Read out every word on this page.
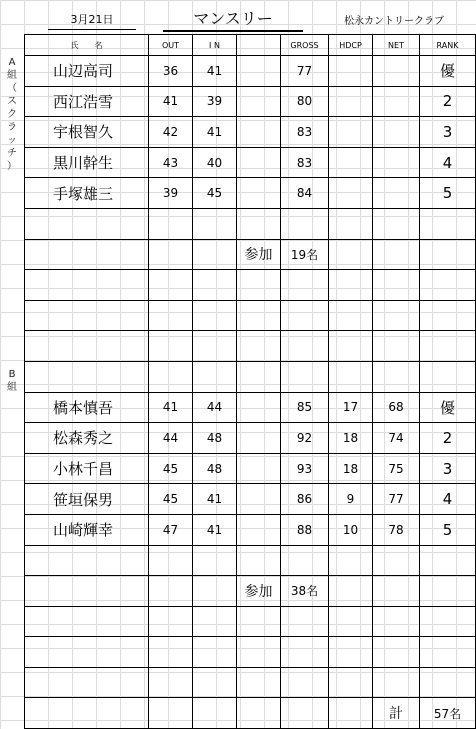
3月21日	マンスリー	松永カントリークラブ
A
組
（
ス
ク
ラ
ッ
チ
）
B
組
氏　　名	OUT	I N		GROSS	HDCP	NET	RANK
山辺高司	36	41		77			優
西江浩雪	41	39		80			2
宇根智久	42	41		83			3
黒川幹生	43	40		83			4
手塚雄三	39	45		84			5

			参加	19名			

橋本慎吾	41	44		85	17	68	優
松森秀之	44	48		92	18	74	2
小林千昌	45	48		93	18	75	3
笹垣保男	45	41		86	9	77	4
山崎輝幸	47	41		88	10	78	5

			参加	38名			

						計	57名
